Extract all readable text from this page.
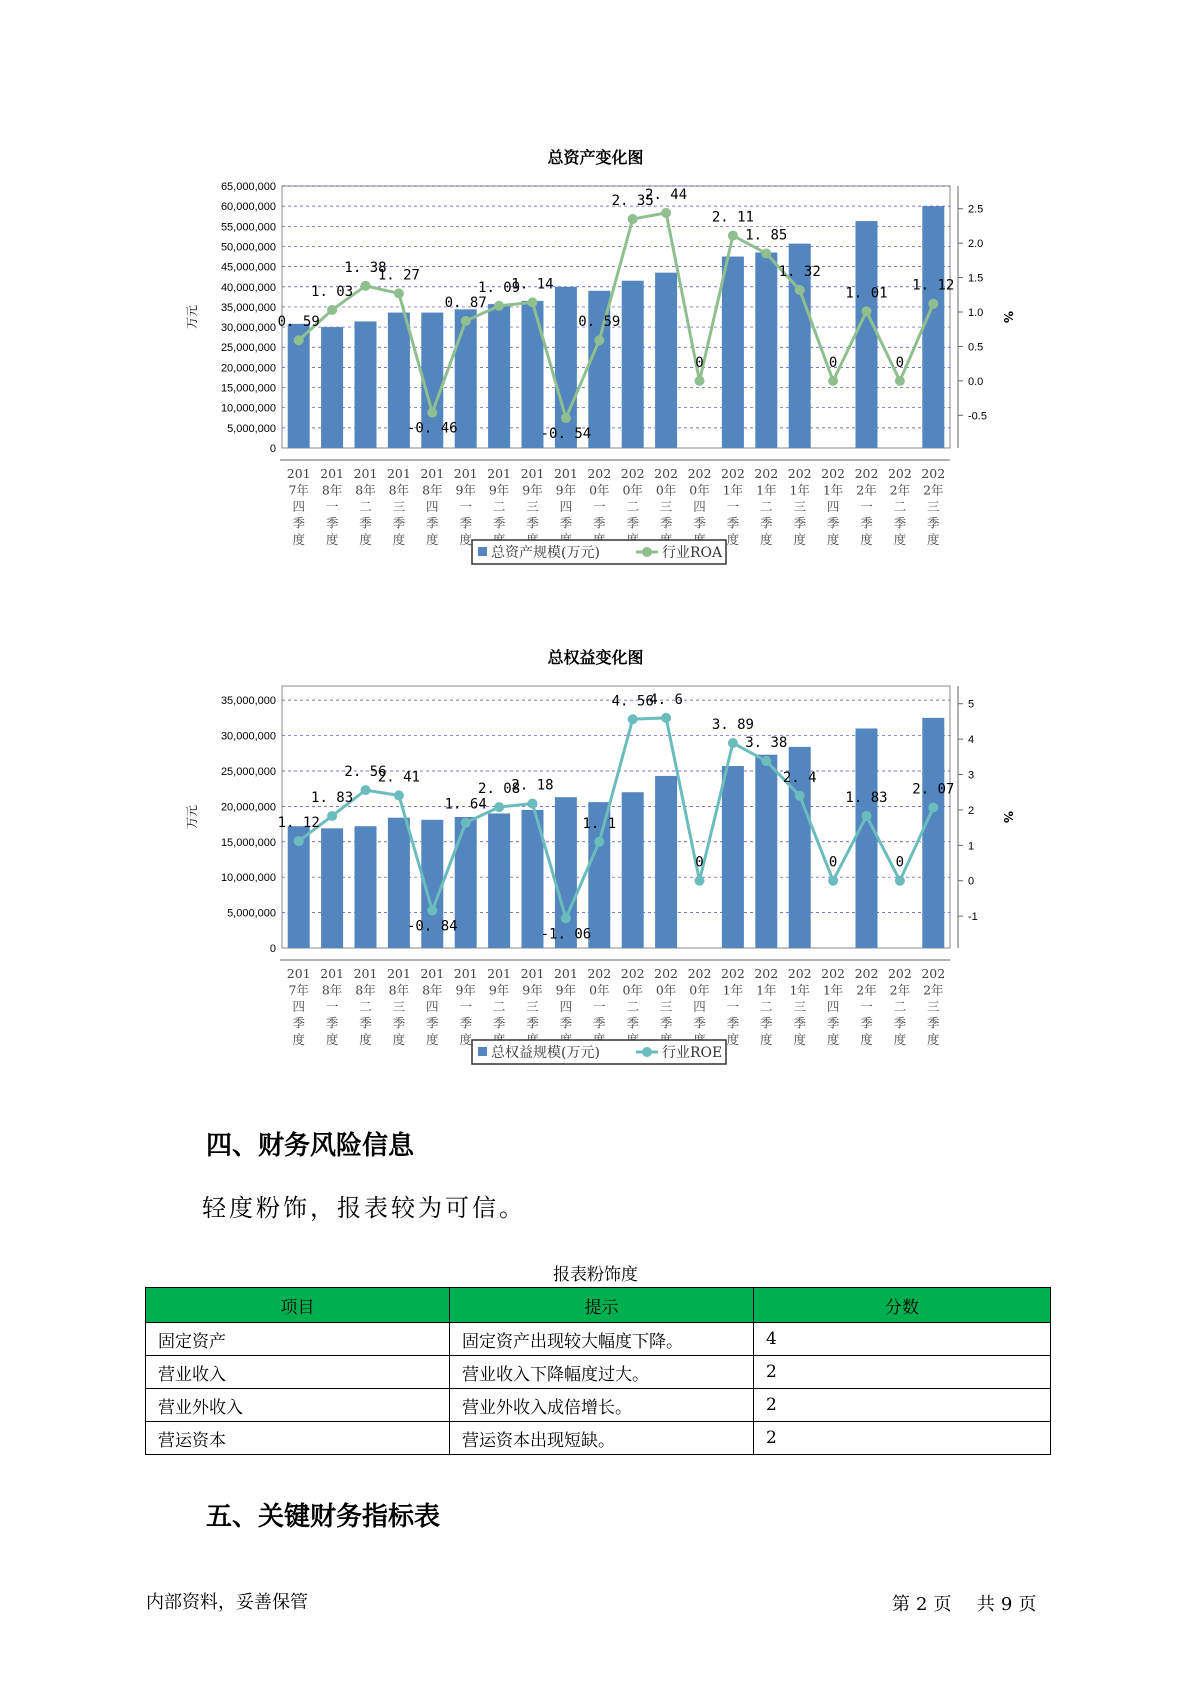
总资产变化图
0
5,000,000
10,000,000
15,000,000
20,000,000
25,000,000
30,000,000
35,000,000
40,000,000
45,000,000
50,000,000
55,000,000
60,000,000
65,000,000
-0.5
0.0
0.5
1.0
1.5
2.0
2.5
万元	%
201
7年
四
季
度
201
8年
一
季
度
201
8年
二
季
度
201
8年
三
季
度
201
8年
四
季
度
201
9年
一
季
度
201
9年
二
季
201
9年
三
季
201
9年
四
季
202
0年
一
季
202
0年
二
季
202
0年
三
季
202
0年
四
季
202
1年
一
季
度
202
1年
二
季
度
202
1年
三
季
度
202
1年
四
季
度
202
2年
一
季
度
202
2年
二
季
度
202
2年
三
季
度
0. 59
1. 03
1. 38
1. 27
-0. 46
0. 87
1. 09
1. 14
-0. 54
0. 59
2. 35
2. 44
0
2. 11
1. 85
1. 32
0
1. 01
0
1. 12
总资产规模(万元)	行业ROA
总权益变化图
0
5,000,000
10,000,000
15,000,000
20,000,000
25,000,000
30,000,000
35,000,000
-1
0
1
2
3
4
5
万元	%
201
7年
四
季
度
201
8年
一
季
度
201
8年
二
季
度
201
8年
三
季
度
201
8年
四
季
度
201
9年
一
季
度
201
9年
二
季
201
9年
三
季
201
9年
四
季
202
0年
一
季
202
0年
二
季
202
0年
三
季
202
0年
四
季
202
1年
一
季
度
202
1年
二
季
度
202
1年
三
季
度
202
1年
四
季
度
202
2年
一
季
度
202
2年
二
季
度
202
2年
三
季
度
1. 12
1. 83
2. 56
2. 41
-0. 84
1. 64
2. 08
2. 18
-1. 06
1. 1
4. 56
4. 6
0
3. 89
3. 38
2. 4
0
1. 83
0
2. 07
总权益规模(万元)	行业ROE
四、财务风险信息
轻度粉饰，报表较为可信。
报表粉饰度
项目	提示	分数
固定资产	固定资产出现较大幅度下降。	4
营业收入	营业收入下降幅度过大。	2
营业外收入	营业外收入成倍增长。	2
营运资本	营运资本出现短缺。	2
五、关键财务指标表
内部资料，妥善保管	第 2 页 共 9 页
